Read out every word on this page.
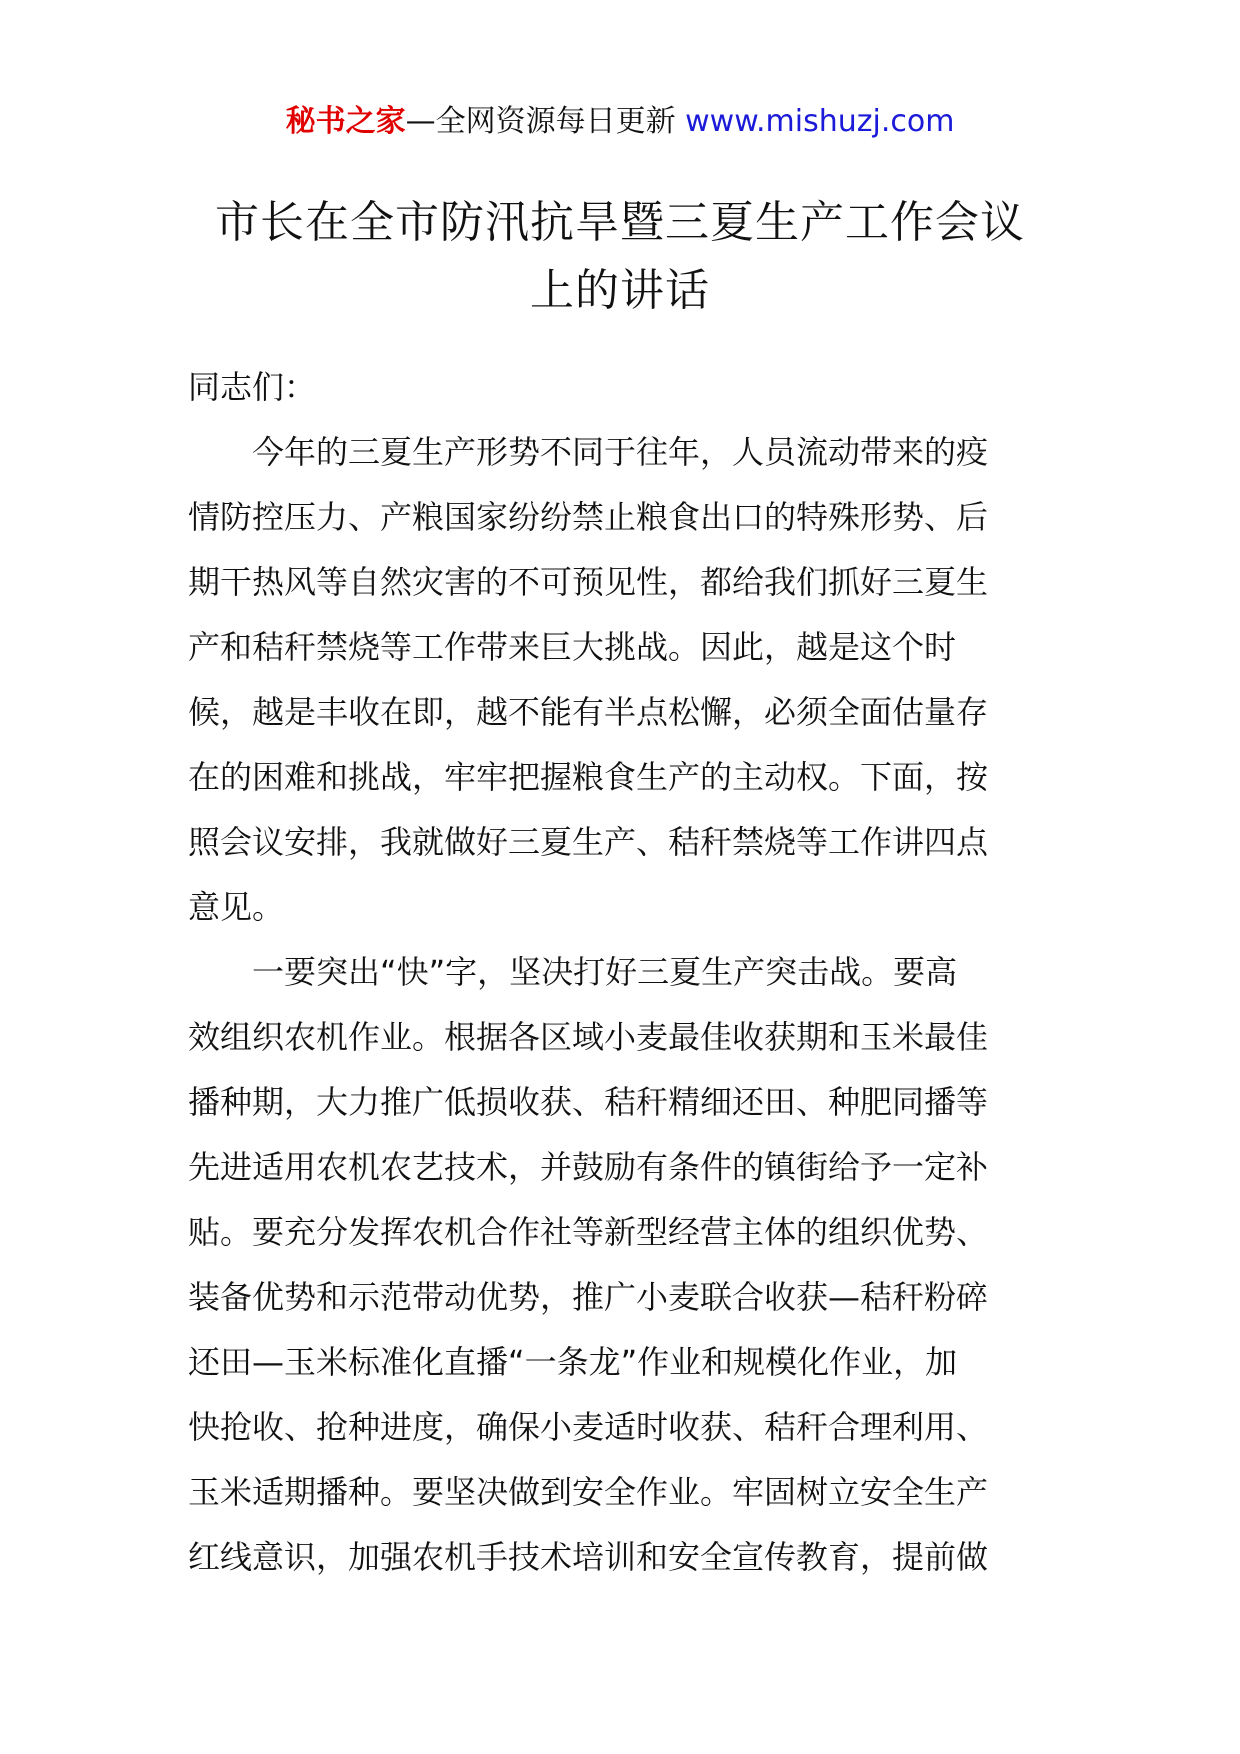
秘书之家—全网资源每日更新 www.mishuzj.com
市长在全市防汛抗旱暨三夏生产工作会议
上的讲话

同志们：

今年的三夏生产形势不同于往年，人员流动带来的疫
情防控压力、产粮国家纷纷禁止粮食出口的特殊形势、后
期干热风等自然灾害的不可预见性，都给我们抓好三夏生
产和秸秆禁烧等工作带来巨大挑战。因此，越是这个时
候，越是丰收在即，越不能有半点松懈，必须全面估量存
在的困难和挑战，牢牢把握粮食生产的主动权。下面，按
照会议安排，我就做好三夏生产、秸秆禁烧等工作讲四点
意见。

一要突出“快”字，坚决打好三夏生产突击战。要高
效组织农机作业。根据各区域小麦最佳收获期和玉米最佳
播种期，大力推广低损收获、秸秆精细还田、种肥同播等
先进适用农机农艺技术，并鼓励有条件的镇街给予一定补
贴。要充分发挥农机合作社等新型经营主体的组织优势、
装备优势和示范带动优势，推广小麦联合收获—秸秆粉碎
还田—玉米标准化直播“一条龙”作业和规模化作业，加
快抢收、抢种进度，确保小麦适时收获、秸秆合理利用、
玉米适期播种。要坚决做到安全作业。牢固树立安全生产
红线意识，加强农机手技术培训和安全宣传教育，提前做
